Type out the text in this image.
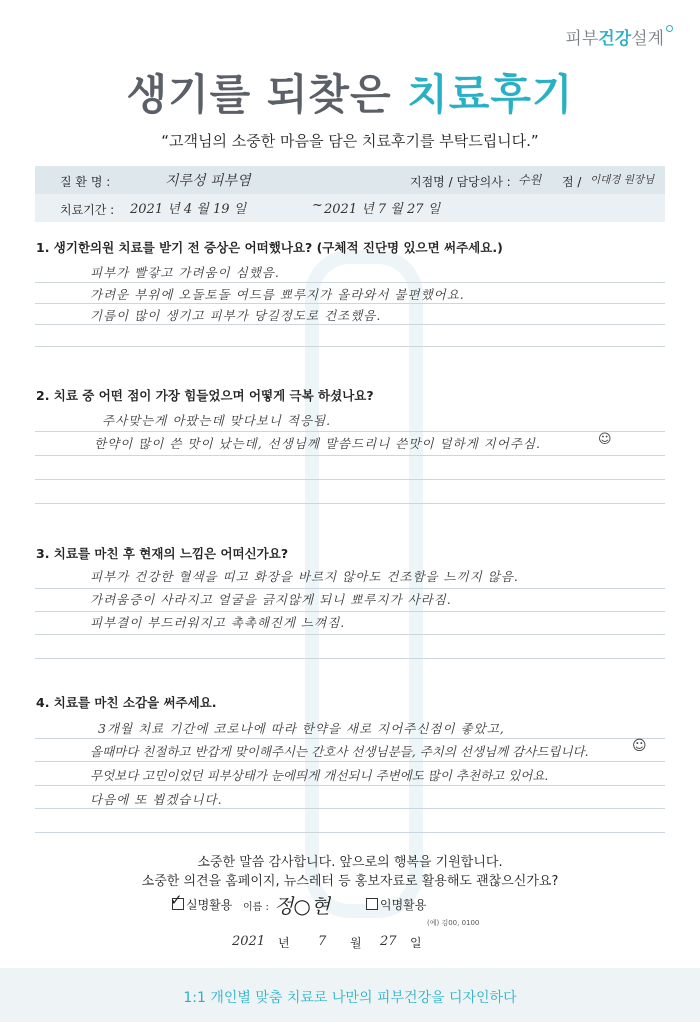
피부건강설계
생기를 되찾은 치료후기
“고객님의 소중한 마음을 담은 치료후기를 부탁드립니다.”
질 환 명 :	지루성 피부염	지점명 / 담당의사 : 수원 점 / 이대경 원장님
치료기간 : 2021 년 4 월 19 일	~ 2021 년 7 월 27 일
1. 생기한의원 치료를 받기 전 증상은 어떠했나요? (구체적 진단명 있으면 써주세요.)
피부가 빨갛고 가려움이 심했음.
가려운 부위에 오돌토돌 여드름 뾰루지가 올라와서 불편했어요.
기름이 많이 생기고 피부가 당길정도로 건조했음.
2. 치료 중 어떤 점이 가장 힘들었으며 어떻게 극복 하셨나요?
주사맞는게 아팠는데 맞다보니 적응됨.
한약이 많이 쓴 맛이 났는데, 선생님께 말씀드리니 쓴맛이 덜하게 지어주심.	☺
3. 치료를 마친 후 현재의 느낌은 어떠신가요?
피부가 건강한 혈색을 띠고 화장을 바르지 않아도 건조함을 느끼지 않음.
가려움증이 사라지고 얼굴을 긁지않게 되니 뾰루지가 사라짐.
피부결이 부드러워지고 촉촉해진게 느껴짐.
4. 치료를 마친 소감을 써주세요.
3개월 치료 기간에 코로나에 따라 한약을 새로 지어주신점이 좋았고,
올때마다 친절하고 반갑게 맞이해주시는 간호사 선생님분들, 주치의 선생님께 감사드립니다.	☺
무엇보다 고민이었던 피부상태가 눈에띄게 개선되니 주변에도 많이 추천하고 있어요.
다음에 또 뵙겠습니다.
소중한 말씀 감사합니다. 앞으로의 행복을 기원합니다.
소중한 의견을 홈페이지, 뉴스레터 등 홍보자료로 활용해도 괜찮으신가요?
✓ 실명활용 이름 : 정○현	익명활용
(예) 김00, 0100
2021 년 7 월 27 일
1:1 개인별 맞춤 치료로 나만의 피부건강을 디자인하다
